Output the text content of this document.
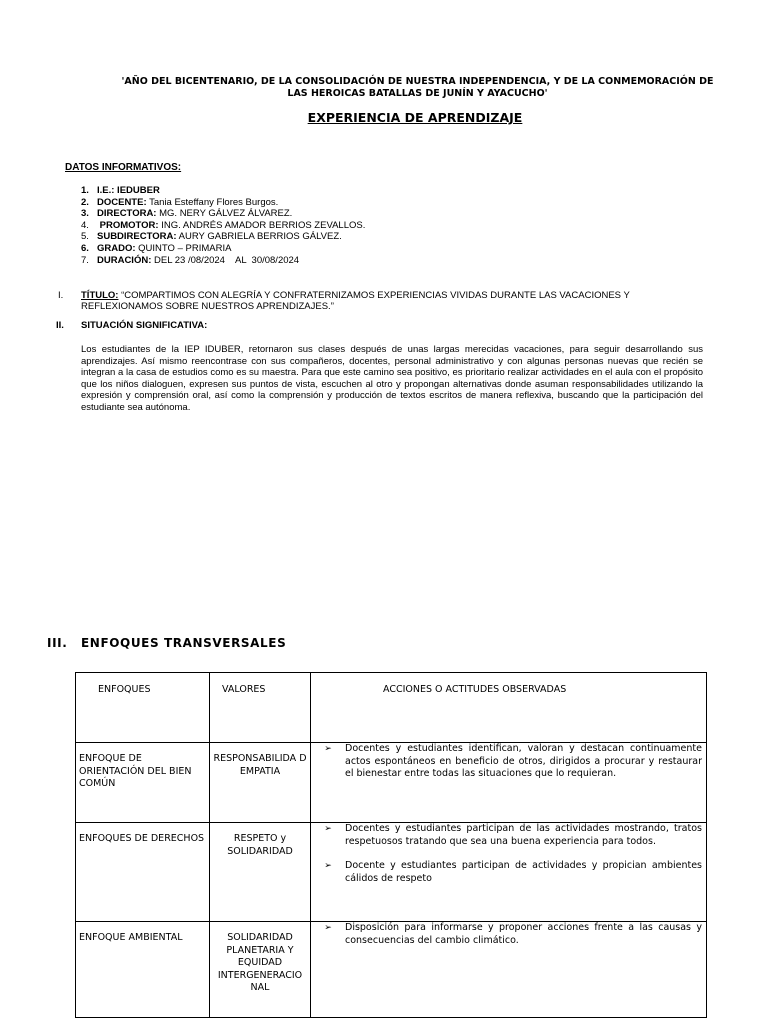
'AÑO DEL BICENTENARIO, DE LA CONSOLIDACIÓN DE NUESTRA INDEPENDENCIA, Y DE LA CONMEMORACIÓN DE
LAS HEROICAS BATALLAS DE JUNÍN Y AYACUCHO'
EXPERIENCIA DE APRENDIZAJE
DATOS INFORMATIVOS:
1. I.E.: IEDUBER
2. DOCENTE: Tania Esteffany Flores Burgos.
3. DIRECTORA: MG. NERY GÁLVEZ ÁLVAREZ.
4. PROMOTOR: ING. ANDRÉS AMADOR BERRIOS ZEVALLOS.
5. SUBDIRECTORA: AURY GABRIELA BERRIOS GÁLVEZ.
6. GRADO: QUINTO – PRIMARIA
7. DURACIÓN: DEL 23 /08/2024    AL  30/08/2024
I. TÍTULO: “COMPARTIMOS CON ALEGRÍA Y CONFRATERNIZAMOS EXPERIENCIAS VIVIDAS DURANTE LAS VACACIONES Y REFLEXIONAMOS SOBRE NUESTROS APRENDIZAJES.”
II. SITUACIÓN SIGNIFICATIVA:
Los estudiantes de la IEP IDUBER, retornaron sus clases después de unas largas merecidas vacaciones, para seguir desarrollando sus aprendizajes. Así mismo reencontrase con sus compañeros, docentes, personal administrativo y con algunas personas nuevas que recién se integran a la casa de estudios como es su maestra. Para que este camino sea positivo, es prioritario realizar actividades en el aula con el propósito que los niños dialoguen, expresen sus puntos de vista, escuchen al otro y propongan alternativas donde asuman responsabilidades utilizando la expresión y comprensión oral, así como la comprensión y producción de textos escritos de manera reflexiva, buscando que la participación del estudiante sea autónoma.
III. ENFOQUES TRANSVERSALES
ENFOQUES	VALORES	ACCIONES O ACTITUDES OBSERVADAS

ENFOQUE DE ORIENTACIÓN DEL BIEN COMÚN	RESPONSABILIDA D EMPATIA	➢ Docentes y estudiantes identifican, valoran y destacan continuamente actos espontáneos en beneficio de otros, dirigidos a procurar y restaurar el bienestar entre todas las situaciones que lo requieran.

ENFOQUES DE DERECHOS	RESPETO y SOLIDARIDAD	➢ Docentes y estudiantes participan de las actividades mostrando, tratos respetuosos tratando que sea una buena experiencia para todos.
➢ Docente y estudiantes participan de actividades y propician ambientes cálidos de respeto

ENFOQUE AMBIENTAL	SOLIDARIDAD PLANETARIA Y EQUIDAD INTERGENERACIO NAL	➢ Disposición para informarse y proponer acciones frente a las causas y consecuencias del cambio climático.
